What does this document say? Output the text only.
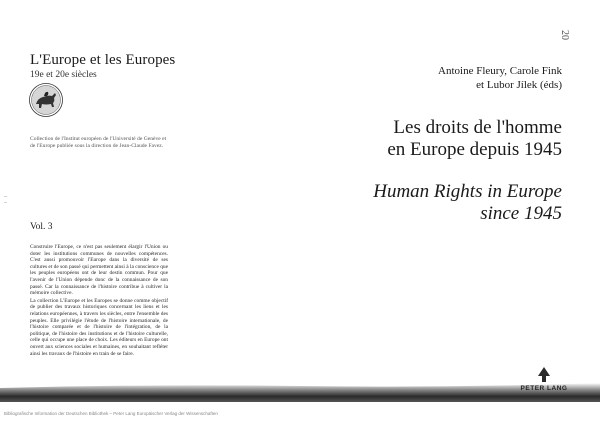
L'Europe et les Europes
19e et 20e siècles
Collection de l'Institut européen de l'Université de Genève et de l'Europe publiée sous la direction de Jean-Claude Favez.
–
–
Vol. 3

Construire l'Europe, ce n'est pas seulement élargir l'Union ou doter les institutions communes de nouvelles compétences. C'est aussi promouvoir l'Europe dans la diversité de ses cultures et de son passé qui permettent ainsi à la conscience que les peuples européens ont de leur destin commun. Pour que l'avenir de l'Union dépende donc de la connaissance de son passé. Car la connaissance de l'histoire contribue à cultiver la mémoire collective.

La collection L'Europe et les Europes se donne comme objectif de publier des travaux historiques concernant les liens et les relations européennes, à travers les siècles, entre l'ensemble des peuples. Elle privilégie l'étude de l'histoire internationale, de l'histoire comparée et de l'histoire de l'intégration, de la politique, de l'histoire des institutions et de l'histoire culturelle, celle qui occupe une place de choix. Les éditeurs en Europe ont ouvert aux sciences sociales et humaines, en souhaitant refléter ainsi les travaux de l'histoire en train de se faire.

20
Antoine Fleury, Carole Fink
et Lubor Jílek (éds)
Les droits de l'homme
en Europe depuis 1945
Human Rights in Europe
since 1945
PETER LANG
Bibliografische Information der Deutschen Bibliothek – Peter Lang Europäischer Verlag der Wissenschaften
